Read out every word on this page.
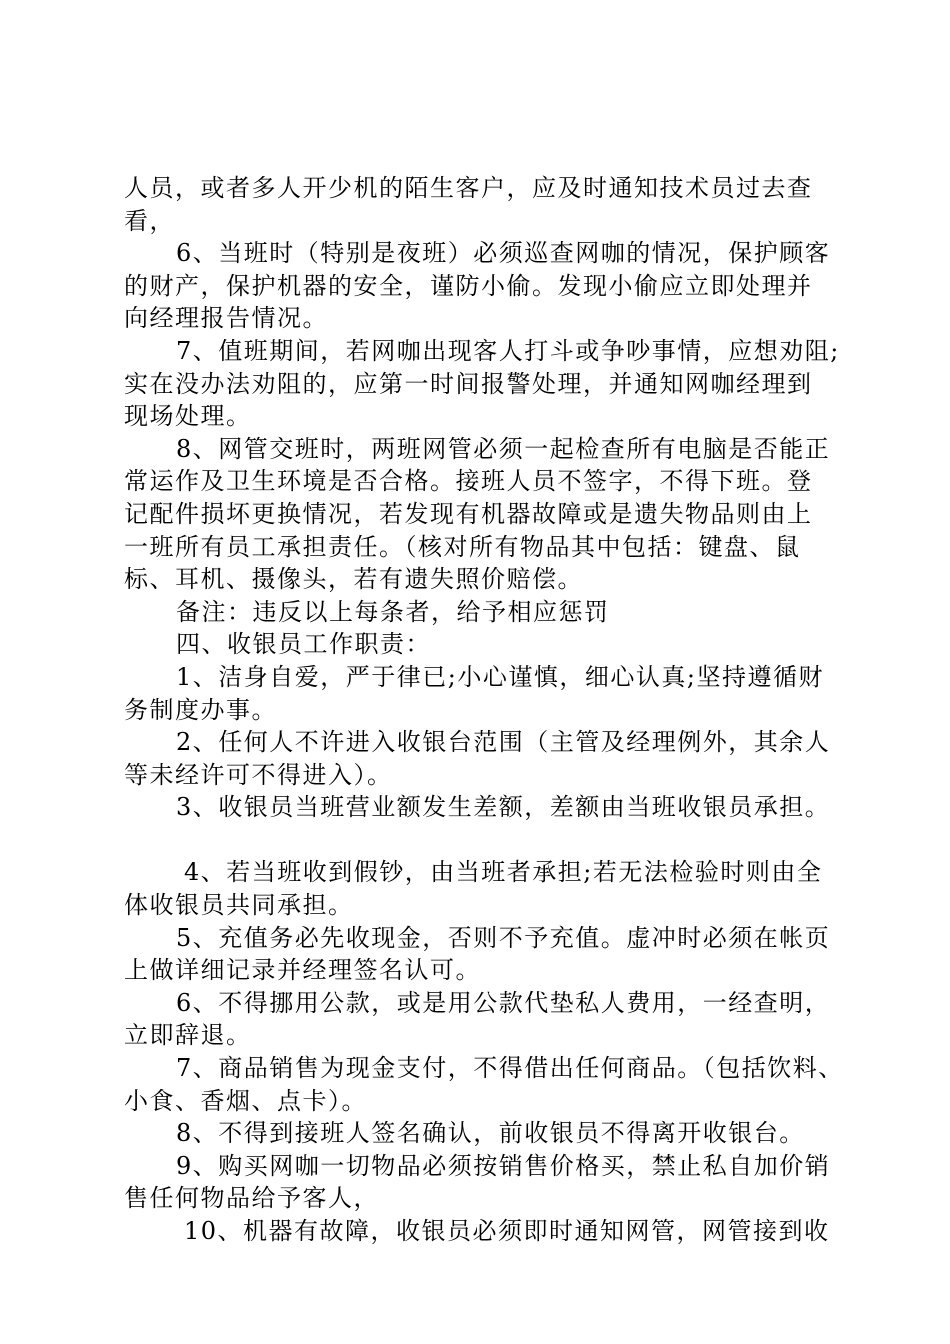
人员，或者多人开少机的陌生客户，应及时通知技术员过去查
看，
6、当班时（特别是夜班）必须巡查网咖的情况，保护顾客
的财产，保护机器的安全，谨防小偷。发现小偷应立即处理并
向经理报告情况。
7、值班期间，若网咖出现客人打斗或争吵事情，应想劝阻;
实在没办法劝阻的，应第一时间报警处理，并通知网咖经理到
现场处理。
8、网管交班时，两班网管必须一起检查所有电脑是否能正
常运作及卫生环境是否合格。接班人员不签字，不得下班。登
记配件损坏更换情况，若发现有机器故障或是遗失物品则由上
一班所有员工承担责任。（核对所有物品其中包括：键盘、鼠
标、耳机、摄像头，若有遗失照价赔偿。
备注：违反以上每条者，给予相应惩罚
四、收银员工作职责：
1、洁身自爱，严于律已;小心谨慎，细心认真;坚持遵循财
务制度办事。
2、任何人不许进入收银台范围（主管及经理例外，其余人
等未经许可不得进入）。
3、收银员当班营业额发生差额，差额由当班收银员承担。
4、若当班收到假钞，由当班者承担;若无法检验时则由全
体收银员共同承担。
5、充值务必先收现金，否则不予充值。虚冲时必须在帐页
上做详细记录并经理签名认可。
6、不得挪用公款，或是用公款代垫私人费用，一经查明，
立即辞退。
7、商品销售为现金支付，不得借出任何商品。（包括饮料、
小食、香烟、点卡）。
8、不得到接班人签名确认，前收银员不得离开收银台。
9、购买网咖一切物品必须按销售价格买，禁止私自加价销
售任何物品给予客人，
10、机器有故障，收银员必须即时通知网管，网管接到收
